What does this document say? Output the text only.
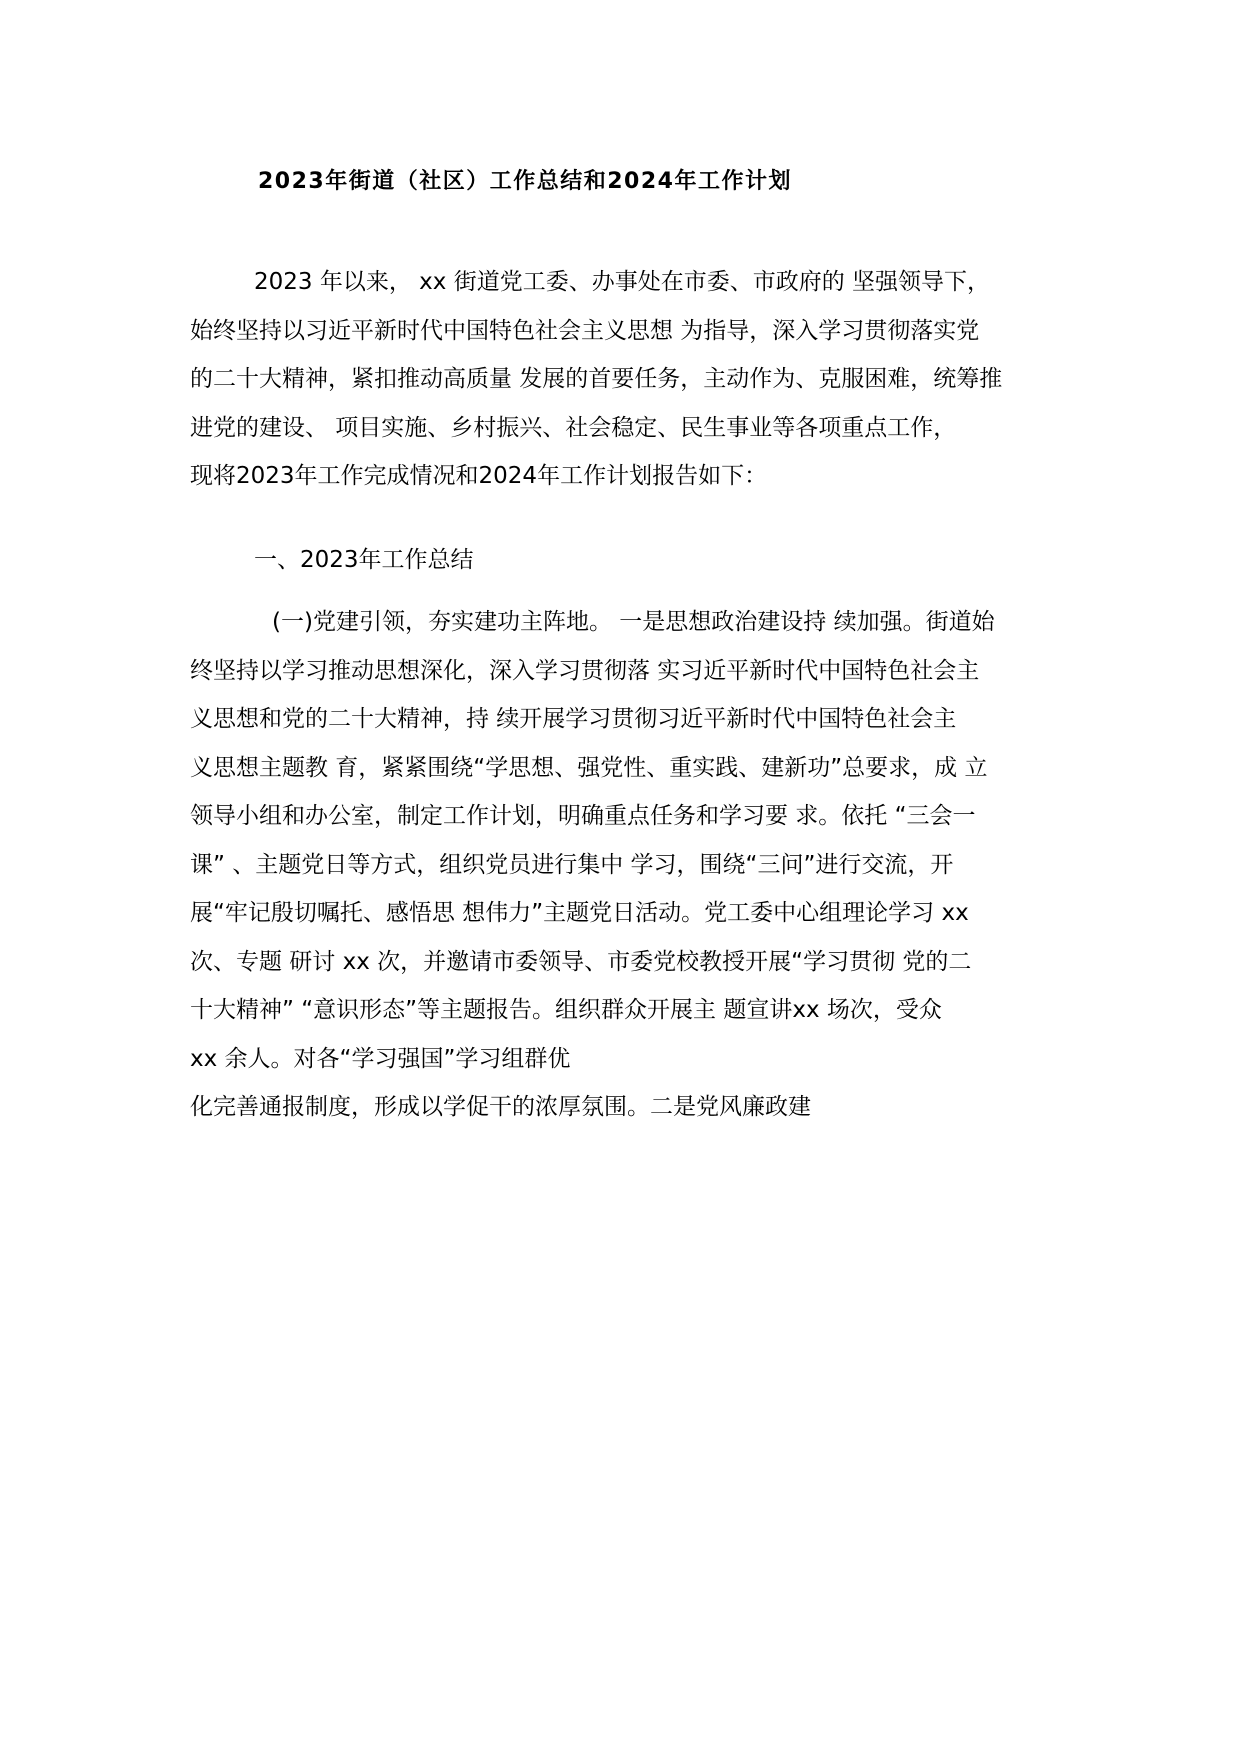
2023年街道（社区）工作总结和2024年工作计划
2023 年以来， xx 街道党工委、办事处在市委、市政府的 坚强领导下，
始终坚持以习近平新时代中国特色社会主义思想 为指导，深入学习贯彻落实党
的二十大精神，紧扣推动高质量 发展的首要任务，主动作为、克服困难，统筹推
进党的建设、 项目实施、乡村振兴、社会稳定、民生事业等各项重点工作，
现将2023年工作完成情况和2024年工作计划报告如下：
一、2023年工作总结
(一)党建引领，夯实建功主阵地。 一是思想政治建设持 续加强。街道始
终坚持以学习推动思想深化，深入学习贯彻落 实习近平新时代中国特色社会主
义思想和党的二十大精神，持 续开展学习贯彻习近平新时代中国特色社会主
义思想主题教 育，紧紧围绕“学思想、强党性、重实践、建新功”总要求，成 立
领导小组和办公室，制定工作计划，明确重点任务和学习要 求。依托 “三会一
课” 、主题党日等方式，组织党员进行集中 学习，围绕“三问”进行交流，开
展“牢记殷切嘱托、感悟思 想伟力”主题党日活动。党工委中心组理论学习 xx
次、专题 研讨 xx 次，并邀请市委领导、市委党校教授开展“学习贯彻 党的二
十大精神” “意识形态”等主题报告。组织群众开展主 题宣讲xx 场次，受众
xx 余人。对各“学习强国”学习组群优
化完善通报制度，形成以学促干的浓厚氛围。二是党风廉政建
